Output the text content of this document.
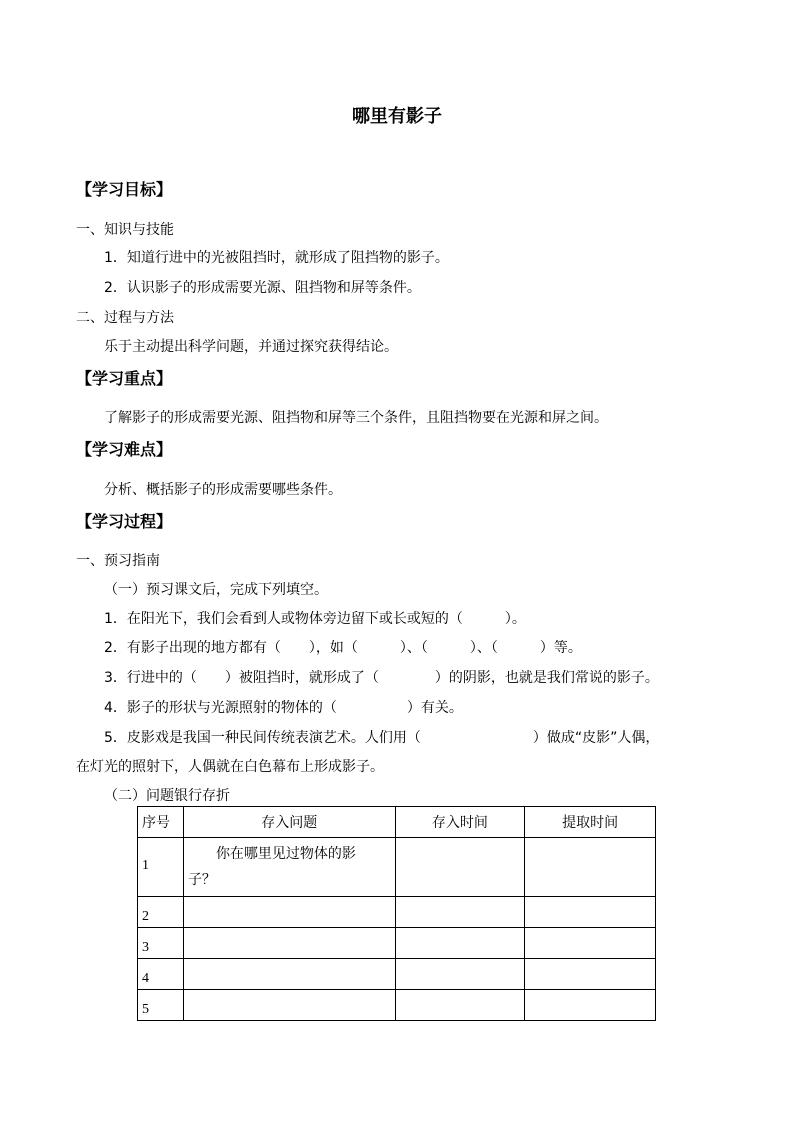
哪里有影子
【学习目标】
一、知识与技能
1．知道行进中的光被阻挡时，就形成了阻挡物的影子。
2．认识影子的形成需要光源、阻挡物和屏等条件。
二、过程与方法
乐于主动提出科学问题，并通过探究获得结论。
【学习重点】
了解影子的形成需要光源、阻挡物和屏等三个条件，且阻挡物要在光源和屏之间。
【学习难点】
分析、概括影子的形成需要哪些条件。
【学习过程】
一、预习指南
（一）预习课文后，完成下列填空。
1．在阳光下，我们会看到人或物体旁边留下或长或短的（　　　）。
2．有影子出现的地方都有（　　），如（　　　）、（　　　）、（　　　）等。
3．行进中的（　　）被阻挡时，就形成了（　　　　）的阴影，也就是我们常说的影子。
4．影子的形状与光源照射的物体的（　　　　　）有关。
5．皮影戏是我国一种民间传统表演艺术。人们用（　　　　　　　　）做成“皮影”人偶，
在灯光的照射下，人偶就在白色幕布上形成影子。
（二）问题银行存折
序号	存入问题	存入时间	提取时间
1	你在哪里见过物体的影
子？		

2			
3			
4			
5			
